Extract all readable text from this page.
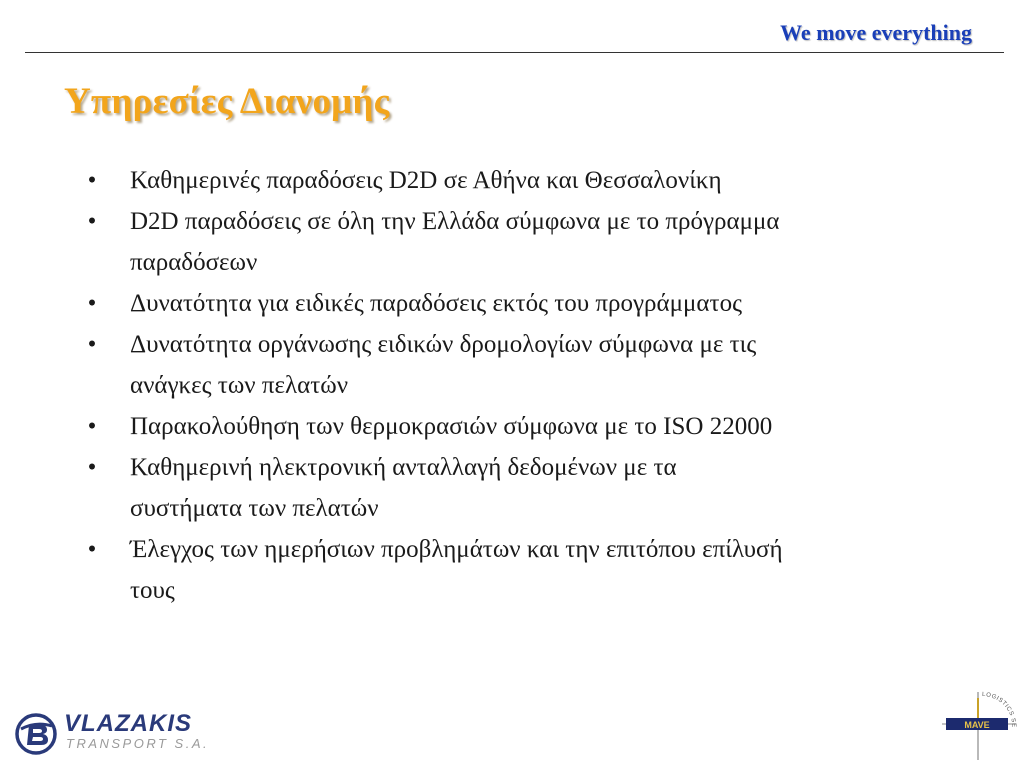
We move everything
Υπηρεσίες Διανομής
• Καθημερινές παραδόσεις D2D σε Αθήνα και Θεσσαλονίκη
• D2D παραδόσεις σε όλη την Ελλάδα σύμφωνα με το πρόγραμμα
παραδόσεων
• Δυνατότητα για ειδικές παραδόσεις εκτός του προγράμματος
• Δυνατότητα οργάνωσης ειδικών δρομολογίων σύμφωνα με τις
ανάγκες των πελατών
• Παρακολούθηση των θερμοκρασιών σύμφωνα με το ISO 22000
• Καθημερινή ηλεκτρονική ανταλλαγή δεδομένων με τα
συστήματα των πελατών
• Έλεγχος των ημερήσιων προβλημάτων και την επιτόπου επίλυσή
τους
VLAZAKIS
TRANSPORT S.A.
MAVE
LOGISTICS SE
